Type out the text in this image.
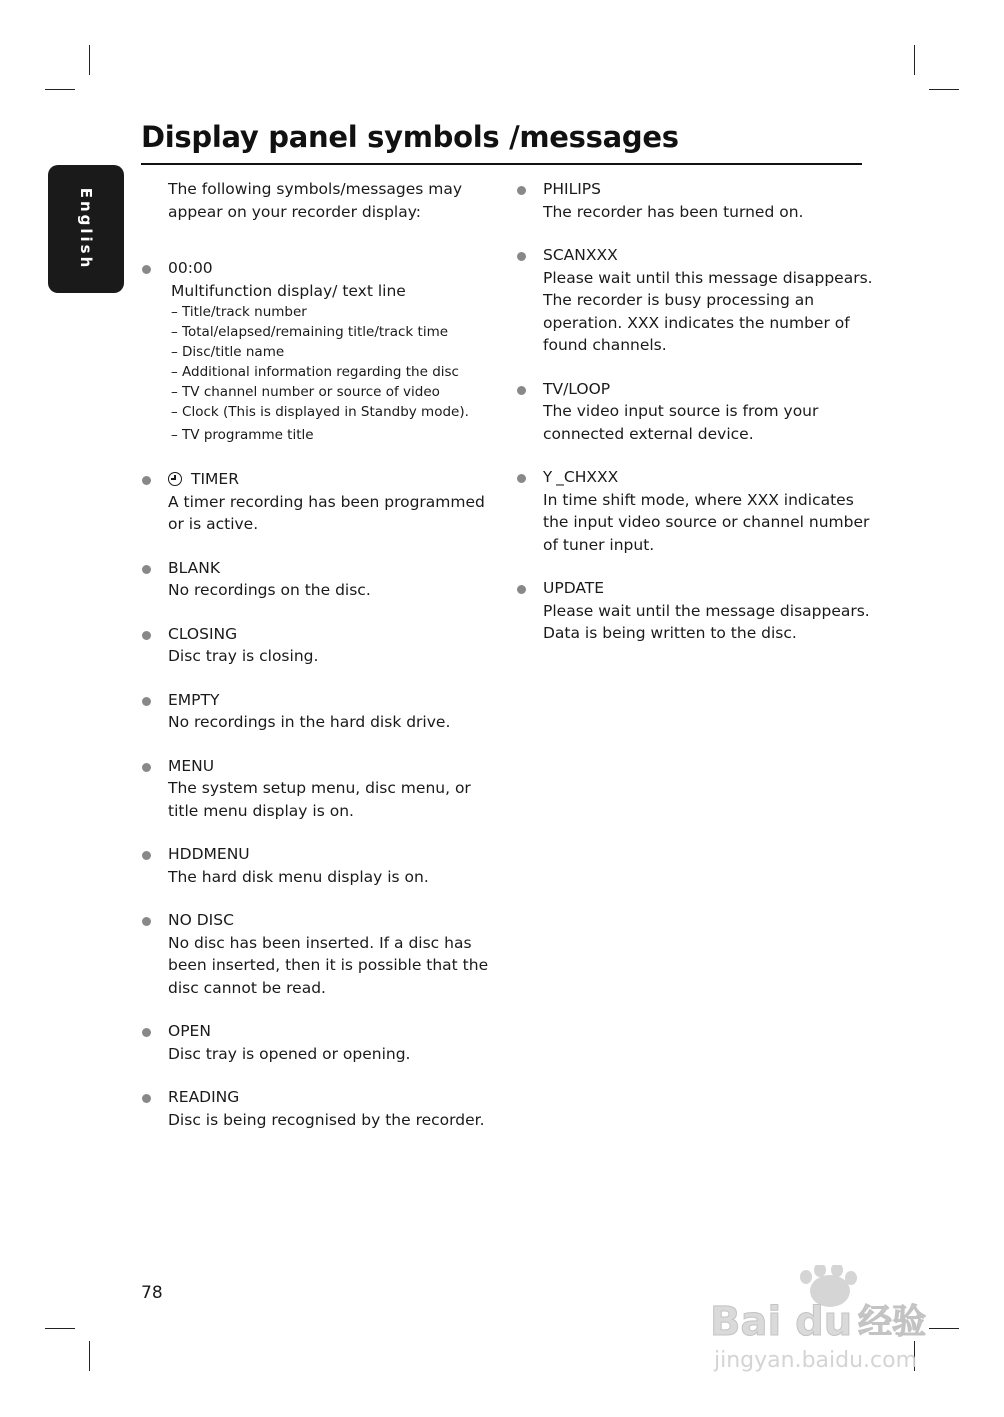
English
Display panel symbols /messages

The following symbols/messages may appear on your recorder display:

00:00
Multifunction display/ text line
– Title/track number
– Total/elapsed/remaining title/track time
– Disc/title name
– Additional information regarding the disc
– TV channel number or source of video
– Clock (This is displayed in Standby mode).
– TV programme title
TIMER
A timer recording has been programmed or is active.
BLANK
No recordings on the disc.
CLOSING
Disc tray is closing.
EMPTY
No recordings in the hard disk drive.
MENU
The system setup menu, disc menu, or title menu display is on.
HDDMENU
The hard disk menu display is on.
NO DISC
No disc has been inserted. If a disc has been inserted, then it is possible that the disc cannot be read.
OPEN
Disc tray is opened or opening.
READING
Disc is being recognised by the recorder.
PHILIPS
The recorder has been turned on.
SCANXXX
Please wait until this message disappears. The recorder is busy processing an operation. XXX indicates the number of found channels.
TV/LOOP
The video input source is from your connected external device.
Y _CHXXX
In time shift mode, where XXX indicates the input video source or channel number of tuner input.
UPDATE
Please wait until the message disappears. Data is being written to the disc.
78
Bai du 经验
jingyan.baidu.com
